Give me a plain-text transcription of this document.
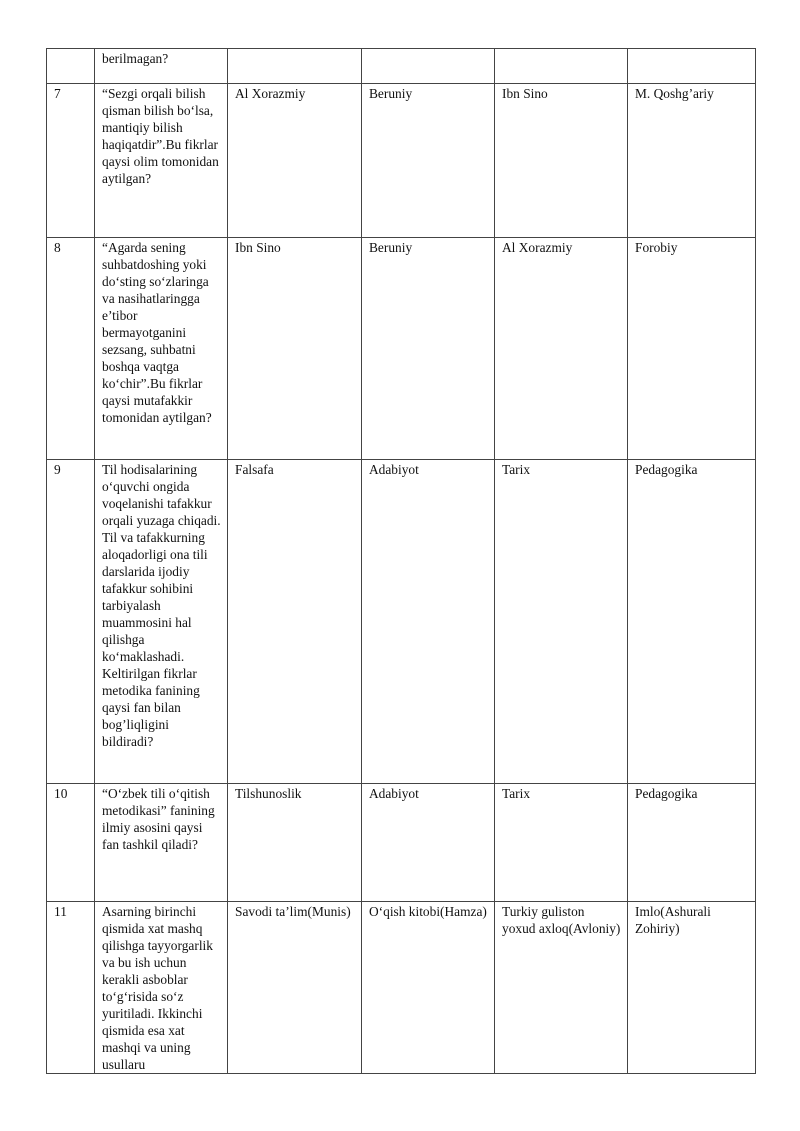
	berilmagan?				
7	“Sezgi orqali bilish qisman bilish bo‘lsa, mantiqiy bilish haqiqatdir”.Bu fikrlar qaysi olim tomonidan aytilgan?	Al Xorazmiy	Beruniy	Ibn Sino	M. Qoshg’ariy
8	“Agarda sening suhbatdoshing yoki do‘sting so‘zlaringa va nasihatlaringga e’tibor bermayotganini sezsang, suhbatni boshqa vaqtga ko‘chir”.Bu fikrlar qaysi mutafakkir tomonidan aytilgan?	Ibn Sino	Beruniy	Al Xorazmiy	Forobiy
9	Til hodisalarining o‘quvchi ongida voqelanishi tafakkur orqali yuzaga chiqadi. Til va tafakkurning aloqadorligi ona tili darslarida ijodiy tafakkur sohibini tarbiyalash muammosini hal qilishga ko‘maklashadi. Keltirilgan fikrlar metodika fanining qaysi fan bilan bog’liqligini bildiradi?	Falsafa	Adabiyot	Tarix	Pedagogika
10	“O‘zbek tili o‘qitish metodikasi” fanining ilmiy asosini qaysi fan tashkil qiladi?	Tilshunoslik	Adabiyot	Tarix	Pedagogika
11	Asarning birinchi qismida xat mashq qilishga tayyorgarlik va bu ish uchun kerakli asboblar to‘g‘risida so‘z yuritiladi. Ikkinchi qismida esa xat mashqi va uning usullaru	Savodi ta’lim(Munis)	O‘qish kitobi(Hamza)	Turkiy guliston yoxud axloq(Avloniy)	Imlo(Ashurali Zohiriy)
